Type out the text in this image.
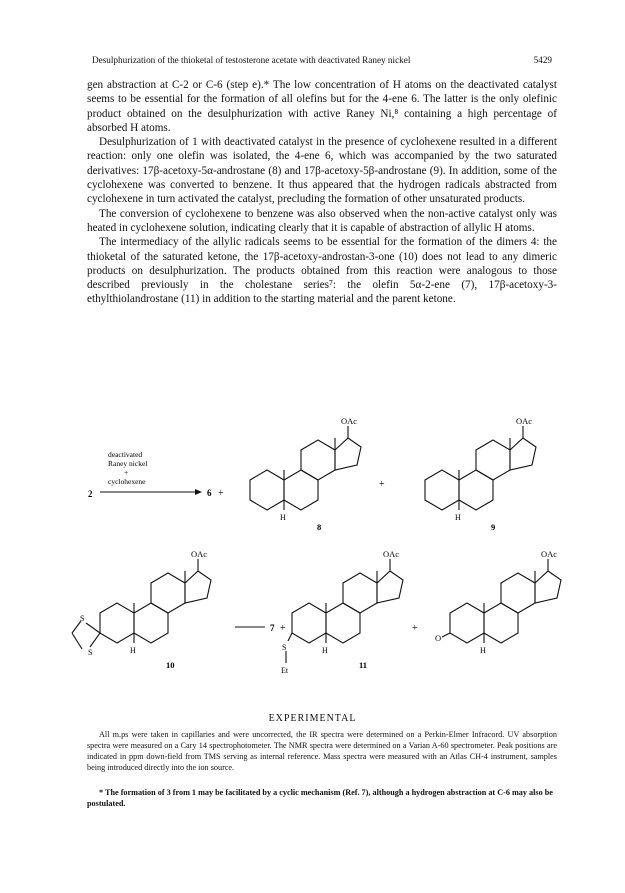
Desulphurization of the thioketal of testosterone acetate with deactivated Raney nickel	5429

gen abstraction at C-2 or C-6 (step e).* The low concentration of H atoms on the deactivated catalyst seems to be essential for the formation of all olefins but for the 4-ene 6. The latter is the only olefinic product obtained on the desulphurization with active Raney Ni,⁸ containing a high percentage of absorbed H atoms.

Desulphurization of 1 with deactivated catalyst in the presence of cyclohexene resulted in a different reaction: only one olefin was isolated, the 4-ene 6, which was accompanied by the two saturated derivatives: 17β-acetoxy-5α-androstane (8) and 17β-acetoxy-5β-androstane (9). In addition, some of the cyclohexene was converted to benzene. It thus appeared that the hydrogen radicals abstracted from cyclohexene in turn activated the catalyst, precluding the formation of other unsaturated products.

The conversion of cyclohexene to benzene was also observed when the non-active catalyst only was heated in cyclohexene solution, indicating clearly that it is capable of abstraction of allylic H atoms.

The intermediacy of the allylic radicals seems to be essential for the formation of the dimers 4: the thioketal of the saturated ketone, the 17β-acetoxy-androstan-3-one (10) does not lead to any dimeric products on desulphurization. The products obtained from this reaction were analogous to those described previously in the cholestane series⁷: the olefin 5α-2-ene (7), 17β-acetoxy-3-ethylthiolandrostane (11) in addition to the starting material and the parent ketone.

deactivated
Raney nickel
+
cyclohexene
2	6 +
OAc
H
8
+
OAc
H
9
OAc
H
S
S
10
7 +
OAc
H
S
Et
11
+
OAc
H
O
EXPERIMENTAL

All m.ps were taken in capillaries and were uncorrected, the IR spectra were determined on a Perkin-Elmer Infracord. UV absorption spectra were measured on a Cary 14 spectrophotometer. The NMR spectra were determined on a Varian A-60 spectrometer. Peak positions are indicated in ppm down-field from TMS serving as internal reference. Mass spectra were measured with an Atlas CH-4 instrument, samples being introduced directly into the ion source.

* The formation of 3 from 1 may be facilitated by a cyclic mechanism (Ref. 7), although a hydrogen abstraction at C-6 may also be postulated.
